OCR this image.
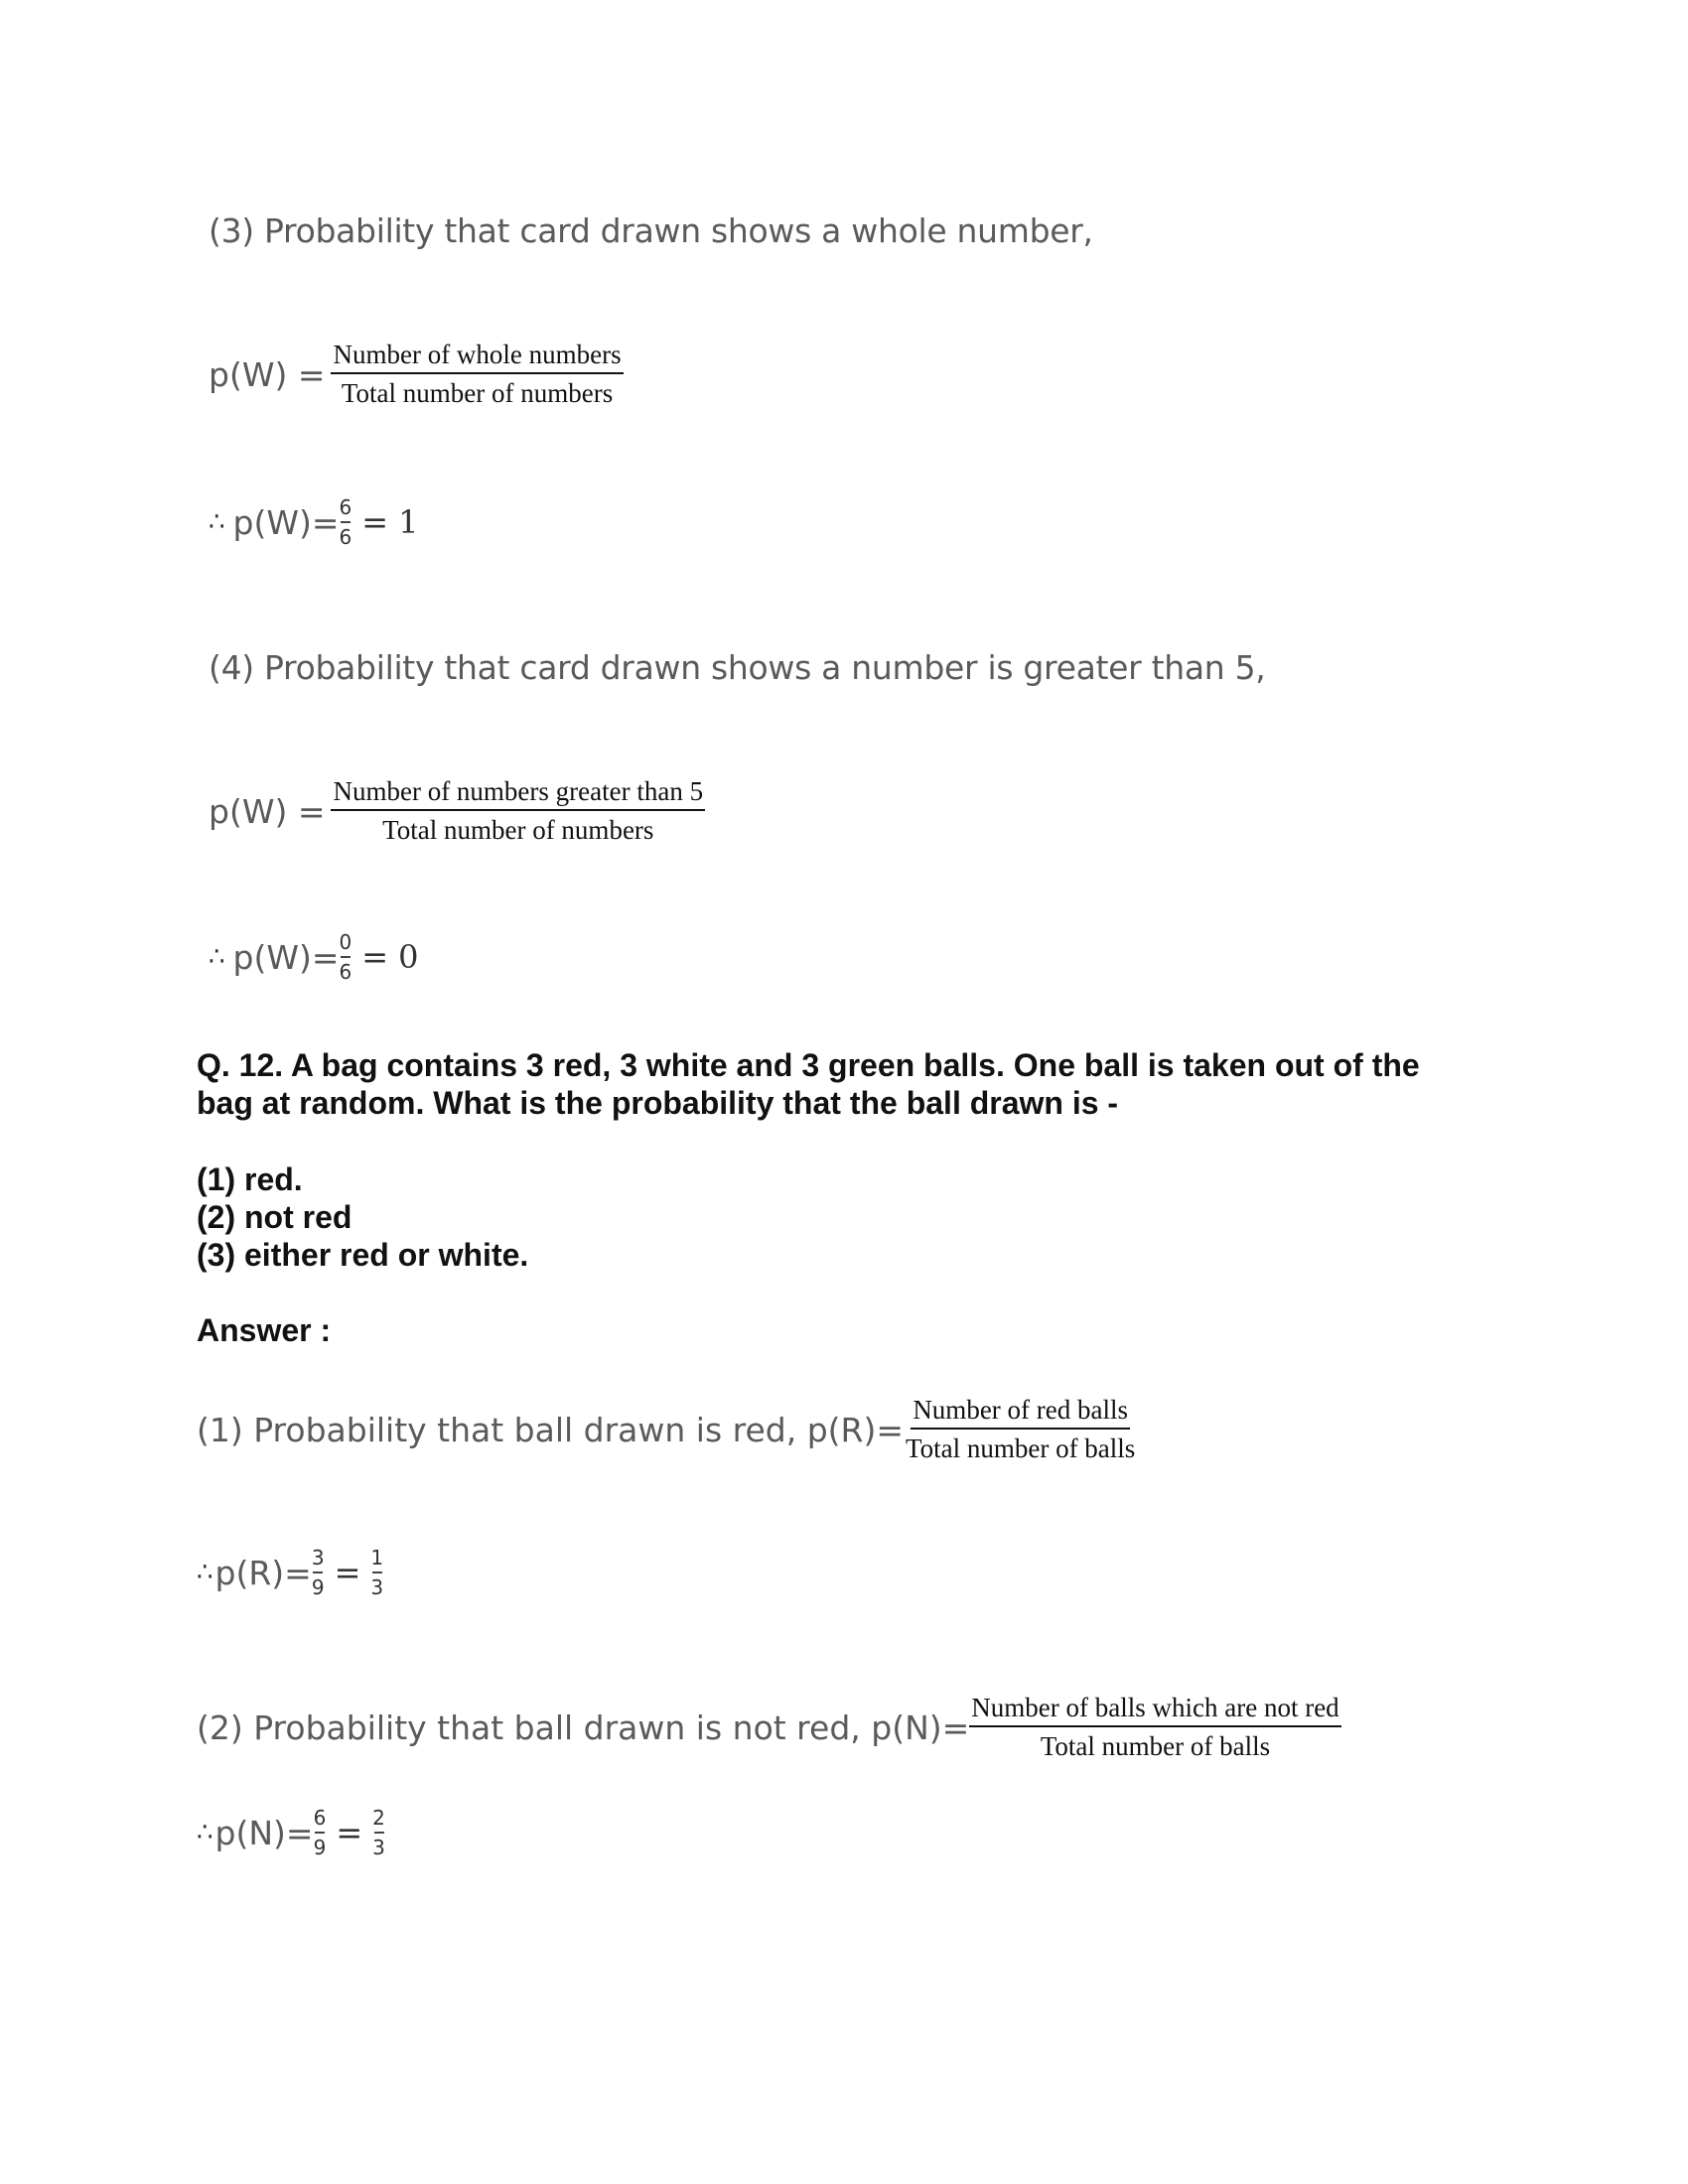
(3) Probability that card drawn shows a whole number,
$p(W) = \frac{\text{Number of whole numbers}}{\text{Total number of numbers}}$
∴ p(W)= 6
6 = 1
(4) Probability that card drawn shows a number is greater than 5,
$p(W) = \frac{\text{Number of numbers greater than 5}}{\text{Total number of numbers}}$
∴ p(W)= 0
6 = 0
Q. 12. A bag contains 3 red, 3 white and 3 green balls. One ball is taken out of the
bag at random. What is the probability that the ball drawn is -
(1) red.
(2) not red
(3) either red or white.
Answer :
(1) Probability that ball drawn is red, $p(R)= \frac{\text{Number of red balls}}{\text{Total number of balls}}$
∴ p(R)= 3
9 = 1
3
(2) Probability that ball drawn is not red, $p(N)= \frac{\text{Number of balls which are not red}}{\text{Total number of balls}}$
∴ p(N)= 6
9 = 2
3
